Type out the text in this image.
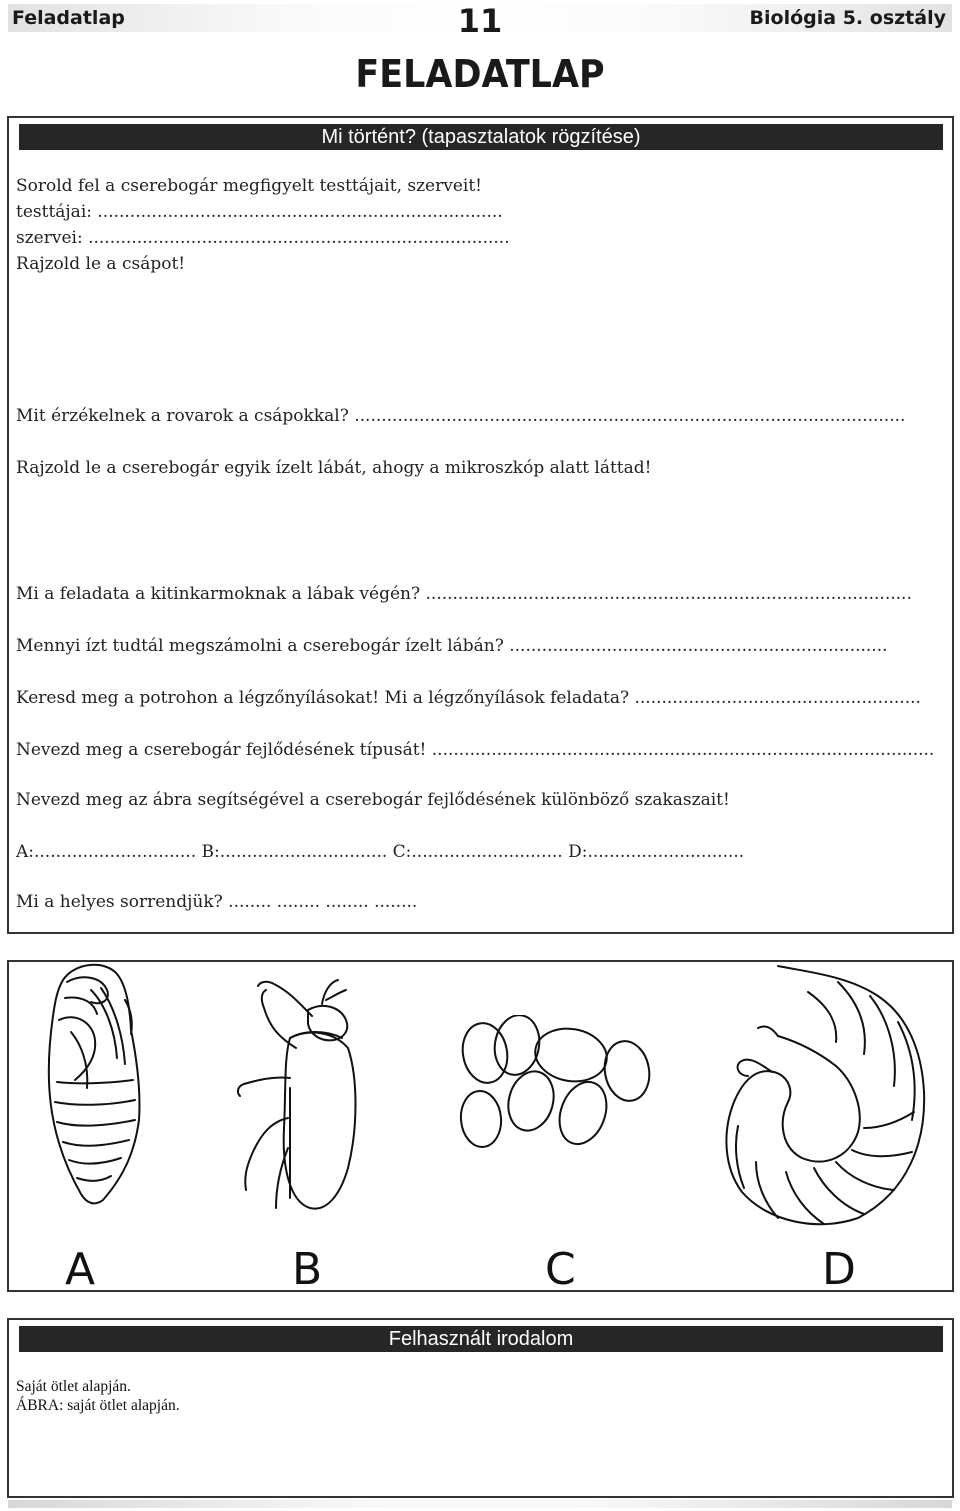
Feladatlap	11	Biológia 5. osztály
FELADATLAP
Mi történt? (tapasztalatok rögzítése)
Sorold fel a cserebogár megfigyelt testtájait, szerveit!
testtájai: ...........................................................................
szervei: ..............................................................................
Rajzold le a csápot!
Mit érzékelnek a rovarok a csápokkal? ......................................................................................................
Rajzold le a cserebogár egyik ízelt lábát, ahogy a mikroszkóp alatt láttad!
Mi a feladata a kitinkarmoknak a lábak végén? ..........................................................................................
Mennyi ízt tudtál megszámolni a cserebogár ízelt lábán? ......................................................................
Keresd meg a potrohon a légzőnyílásokat! Mi a légzőnyílások feladata? .....................................................
Nevezd meg a cserebogár fejlődésének típusát! .............................................................................................
Nevezd meg az ábra segítségével a cserebogár fejlődésének különböző szakaszait!
A:.............................. B:............................... C:............................ D:.............................
Mi a helyes sorrendjük? ........ ........ ........ ........
A	B	C	D
Felhasznált irodalom
Saját ötlet alapján.
ÁBRA: saját ötlet alapján.
